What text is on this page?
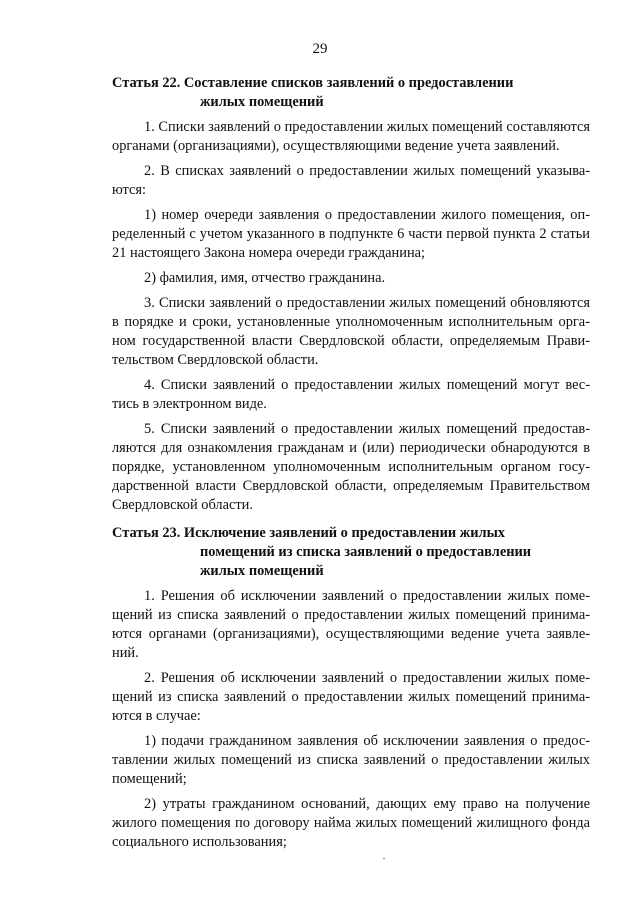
29
Статья 22. Составление списков заявлений о предоставлении
жилых помещений

1. Списки заявлений о предоставлении жилых помещений составляются органами (организациями), осуществляющими ведение учета заявлений.

2. В списках заявлений о предоставлении жилых помещений указываются:

1) номер очереди заявления о предоставлении жилого помещения, определенный с учетом указанного в подпункте 6 части первой пункта 2 статьи 21 настоящего Закона номера очереди гражданина;

2) фамилия, имя, отчество гражданина.

3. Списки заявлений о предоставлении жилых помещений обновляются в порядке и сроки, установленные уполномоченным исполнительным органом государственной власти Свердловской области, определяемым Правительством Свердловской области.

4. Списки заявлений о предоставлении жилых помещений могут вестись в электронном виде.

5. Списки заявлений о предоставлении жилых помещений предоставляются для ознакомления гражданам и (или) периодически обнародуются в порядке, установленном уполномоченным исполнительным органом государственной власти Свердловской области, определяемым Правительством Свердловской области.

Статья 23. Исключение заявлений о предоставлении жилых
помещений из списка заявлений о предоставлении
жилых помещений

1. Решения об исключении заявлений о предоставлении жилых помещений из списка заявлений о предоставлении жилых помещений принимаются органами (организациями), осуществляющими ведение учета заявлений.

2. Решения об исключении заявлений о предоставлении жилых помещений из списка заявлений о предоставлении жилых помещений принимаются в случае:

1) подачи гражданином заявления об исключении заявления о предоставлении жилых помещений из списка заявлений о предоставлении жилых помещений;

2) утраты гражданином оснований, дающих ему право на получение жилого помещения по договору найма жилых помещений жилищного фонда социального использования;
